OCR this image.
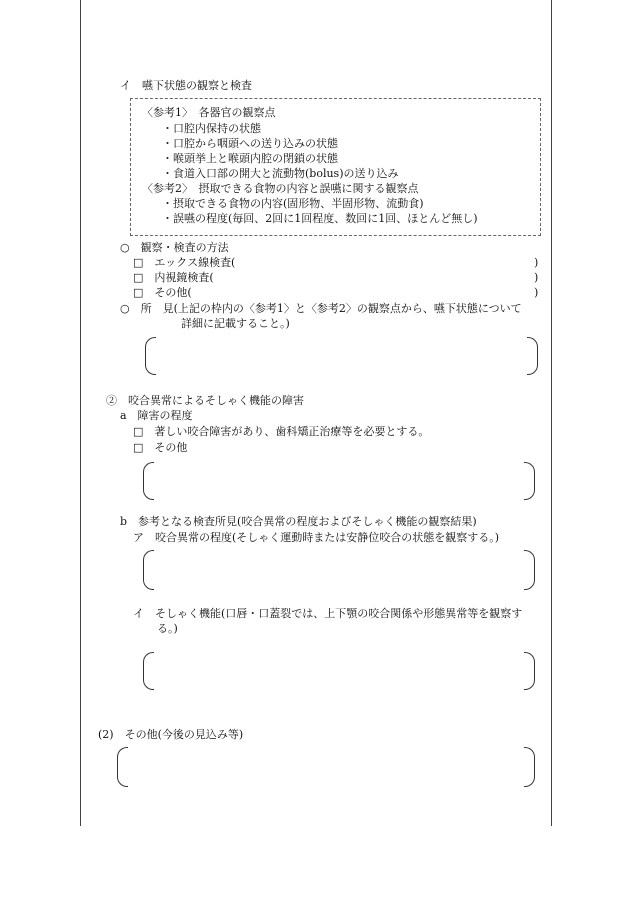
イ　嚥下状態の観察と検査
〈参考1〉　各器官の観察点
・口腔内保持の状態
・口腔から咽頭への送り込みの状態
・喉頭挙上と喉頭内腔の閉鎖の状態
・食道入口部の開大と流動物(bolus)の送り込み
〈参考2〉　摂取できる食物の内容と誤嚥に関する観察点
・摂取できる食物の内容(固形物、半固形物、流動食)
・誤嚥の程度(毎回、2回に1回程度、数回に1回、ほとんど無し)
○　観察・検査の方法
□　エックス線検査(	)
□　内視鏡検査(	)
□　その他(	)
○　所　見(上記の枠内の〈参考1〉と〈参考2〉の観察点から、嚥下状態について
詳細に記載すること。)
②　咬合異常によるそしゃく機能の障害
a　障害の程度
□　著しい咬合障害があり、歯科矯正治療等を必要とする。
□　その他
b　参考となる検査所見(咬合異常の程度およびそしゃく機能の観察結果)
ア　咬合異常の程度(そしゃく運動時または安静位咬合の状態を観察する。)
イ　そしゃく機能(口唇・口蓋裂では、上下顎の咬合関係や形態異常等を観察す
る。)
(2)　その他(今後の見込み等)
